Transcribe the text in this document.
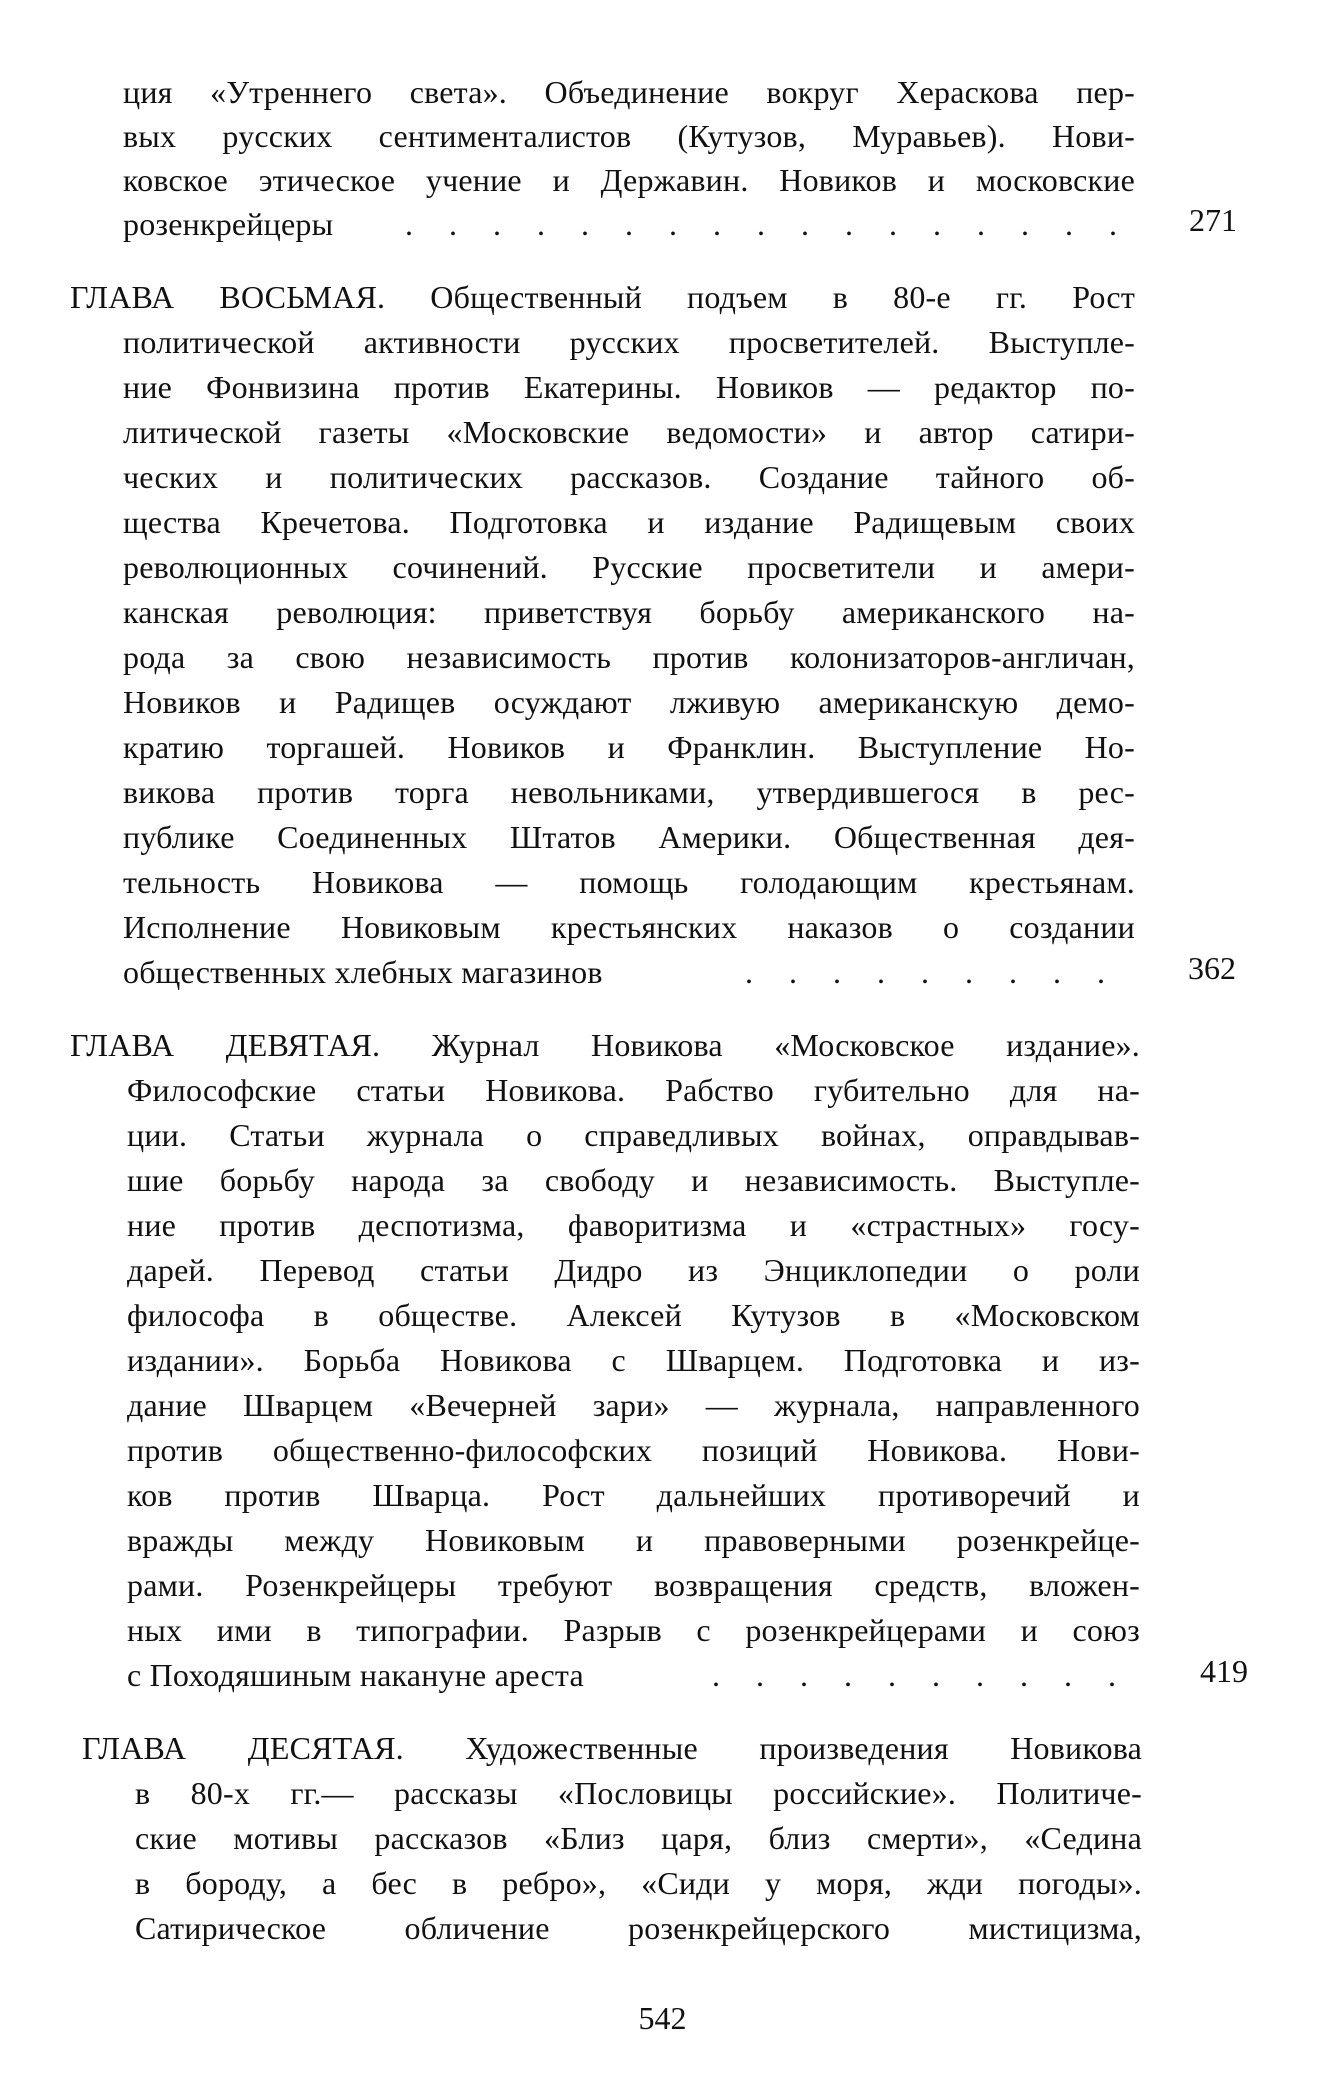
ция «Утреннего света». Объединение вокруг Хераскова пер-
вых русских сентименталистов (Кутузов, Муравьев). Нови-
ковское этическое учение и Державин. Новиков и московские
розенкрейцеры . . . . . . . . . . . . . . . . . 271
ГЛАВА ВОСЬМАЯ. Общественный подъем в 80-е гг. Рост
политической активности русских просветителей. Выступле-
ние Фонвизина против Екатерины. Новиков — редактор по-
литической газеты «Московские ведомости» и автор сатири-
ческих и политических рассказов. Создание тайного об-
щества Кречетова. Подготовка и издание Радищевым своих
революционных сочинений. Русские просветители и амери-
канская революция: приветствуя борьбу американского на-
рода за свою независимость против колонизаторов-англичан,
Новиков и Радищев осуждают лживую американскую демо-
кратию торгашей. Новиков и Франклин. Выступление Но-
викова против торга невольниками, утвердившегося в рес-
публике Соединенных Штатов Америки. Общественная дея-
тельность Новикова — помощь голодающим крестьянам.
Исполнение Новиковым крестьянских наказов о создании
общественных хлебных магазинов	. . . . . . . . .	362
ГЛАВА ДЕВЯТАЯ. Журнал Новикова «Московское издание».
Философские статьи Новикова. Рабство губительно для на-
ции. Статьи журнала о справедливых войнах, оправдывав-
шие борьбу народа за свободу и независимость. Выступле-
ние против деспотизма, фаворитизма и «страстных» госу-
дарей. Перевод статьи Дидро из Энциклопедии о роли
философа в обществе. Алексей Кутузов в «Московском
издании». Борьба Новикова с Шварцем. Подготовка и из-
дание Шварцем «Вечерней зари» — журнала, направленного
против общественно-философских позиций Новикова. Нови-
ков против Шварца. Рост дальнейших противоречий и
вражды между Новиковым и правоверными розенкрейце-
рами. Розенкрейцеры требуют возвращения средств, вложен-
ных ими в типографии. Разрыв с розенкрейцерами и союз
с Походяшиным накануне ареста	. . . . . . . . . .	419
ГЛАВА ДЕСЯТАЯ. Художественные произведения Новикова
в 80-х гг.— рассказы «Пословицы российские». Политиче-
ские мотивы рассказов «Близ царя, близ смерти», «Седина
в бороду, а бес в ребро», «Сиди у моря, жди погоды».
Сатирическое обличение розенкрейцерского мистицизма,
542
